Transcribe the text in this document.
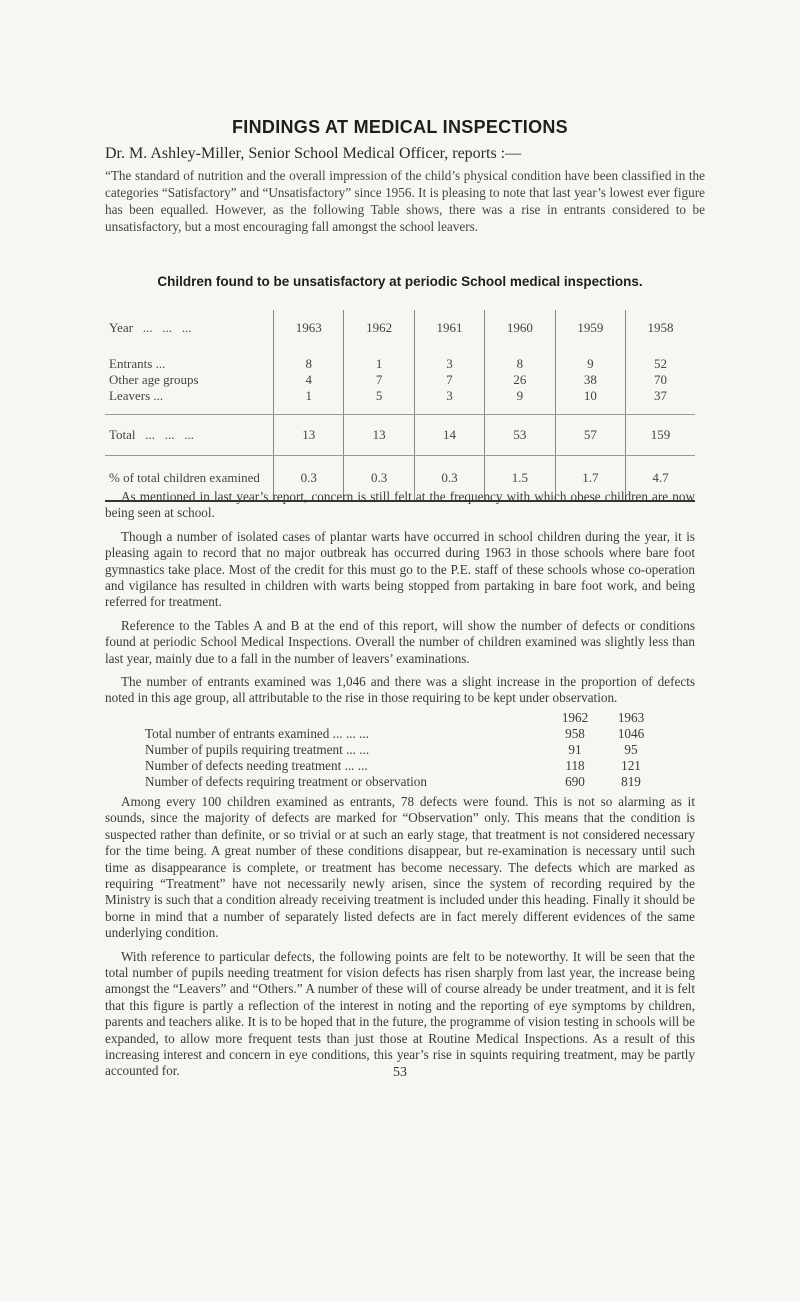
FINDINGS AT MEDICAL INSPECTIONS
Dr. M. Ashley-Miller, Senior School Medical Officer, reports :—
“The standard of nutrition and the overall impression of the child’s physical condition have been classified in the categories “Satisfactory” and “Unsatisfactory” since 1956. It is pleasing to note that last year’s lowest ever figure has been equalled. However, as the following Table shows, there was a rise in entrants considered to be unsatisfactory, but a most encouraging fall amongst the school leavers.
Children found to be unsatisfactory at periodic School medical inspections.
Year   ...   ...   ...	1963	1962	1961	1960	1959	1958

Entrants ...	8	1	3	8	9	52
Other age groups	4	7	7	26	38	70
Leavers ...	1	5	3	9	10	37

Total   ...   ...   ...	13	13	14	53	57	159
% of total children examined	0.3	0.3	0.3	1.5	1.7	4.7

As mentioned in last year’s report, concern is still felt at the frequency with which obese children are now being seen at school.

Though a number of isolated cases of plantar warts have occurred in school children during the year, it is pleasing again to record that no major outbreak has occurred during 1963 in those schools where bare foot gymnastics take place. Most of the credit for this must go to the P.E. staff of these schools whose co-operation and vigilance has resulted in children with warts being stopped from partaking in bare foot work, and being referred for treatment.

Reference to the Tables A and B at the end of this report, will show the number of defects or conditions found at periodic School Medical Inspections. Overall the number of children examined was slightly less than last year, mainly due to a fall in the number of leavers’ examinations.

The number of entrants examined was 1,046 and there was a slight increase in the proportion of defects noted in this age group, all attributable to the rise in those requiring to be kept under observation.

	1962	1963
Total number of entrants examined ... ... ...	958	1046
Number of pupils requiring treatment ... ...	91	95
Number of defects needing treatment ... ...	118	121
Number of defects requiring treatment or observation	690	819

Among every 100 children examined as entrants, 78 defects were found. This is not so alarming as it sounds, since the majority of defects are marked for “Observation” only. This means that the condition is suspected rather than definite, or so trivial or at such an early stage, that treatment is not considered necessary for the time being. A great number of these conditions disappear, but re-examination is necessary until such time as disappearance is complete, or treatment has become necessary. The defects which are marked as requiring “Treatment” have not necessarily newly arisen, since the system of recording required by the Ministry is such that a condition already receiving treatment is included under this heading. Finally it should be borne in mind that a number of separately listed defects are in fact merely different evidences of the same underlying condition.

With reference to particular defects, the following points are felt to be noteworthy. It will be seen that the total number of pupils needing treatment for vision defects has risen sharply from last year, the increase being amongst the “Leavers” and “Others.” A number of these will of course already be under treatment, and it is felt that this figure is partly a reflection of the interest in noting and the reporting of eye symptoms by children, parents and teachers alike. It is to be hoped that in the future, the programme of vision testing in schools will be expanded, to allow more frequent tests than just those at Routine Medical Inspections. As a result of this increasing interest and concern in eye conditions, this year’s rise in squints requiring treatment, may be partly accounted for.	53
